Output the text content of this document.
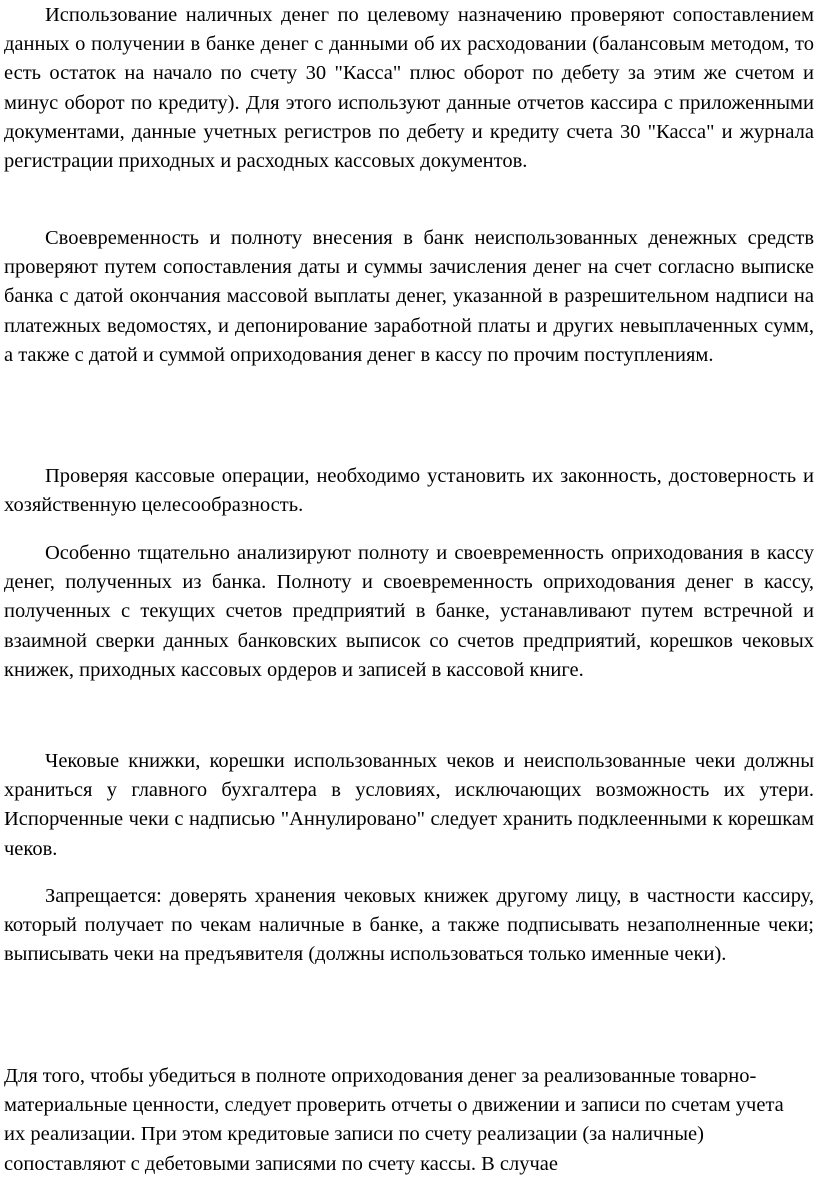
Использование наличных денег по целевому назначению проверяют сопоставлением данных о получении в банке денег с данными об их расходовании (балансовым методом, то есть остаток на начало по счету 30 "Касса" плюс оборот по дебету за этим же счетом и минус оборот по кредиту). Для этого используют данные отчетов кассира с приложенными документами, данные учетных регистров по дебету и кредиту счета 30 "Касса" и журнала регистрации приходных и расходных кассовых документов.

Своевременность и полноту внесения в банк неиспользованных денежных средств проверяют путем сопоставления даты и суммы зачисления денег на счет согласно выписке банка с датой окончания массовой выплаты денег, указанной в разрешительном надписи на платежных ведомостях, и депонирование заработной платы и других невыплаченных сумм, а также с датой и суммой оприходования денег в кассу по прочим поступлениям.

Проверяя кассовые операции, необходимо установить их законность, достоверность и хозяйственную целесообразность.

Особенно тщательно анализируют полноту и своевременность оприходования в кассу денег, полученных из банка. Полноту и своевременность оприходования денег в кассу, полученных с текущих счетов предприятий в банке, устанавливают путем встречной и взаимной сверки данных банковских выписок со счетов предприятий, корешков чековых книжек, приходных кассовых ордеров и записей в кассовой книге.

Чековые книжки, корешки использованных чеков и неиспользованные чеки должны храниться у главного бухгалтера в условиях, исключающих возможность их утери. Испорченные чеки с надписью "Аннулировано" следует хранить подклеенными к корешкам чеков.

Запрещается: доверять хранения чековых книжек другому лицу, в частности кассиру, который получает по чекам наличные в банке, а также подписывать незаполненные чеки; выписывать чеки на предъявителя (должны использоваться только именные чеки).

Для того, чтобы убедиться в полноте оприходования денег за реализованные товарно-материальные ценности, следует проверить отчеты о движении и записи по счетам учета их реализации. При этом кредитовые записи по счету реализации (за наличные) сопоставляют с дебетовыми записями по счету кассы. В случае
